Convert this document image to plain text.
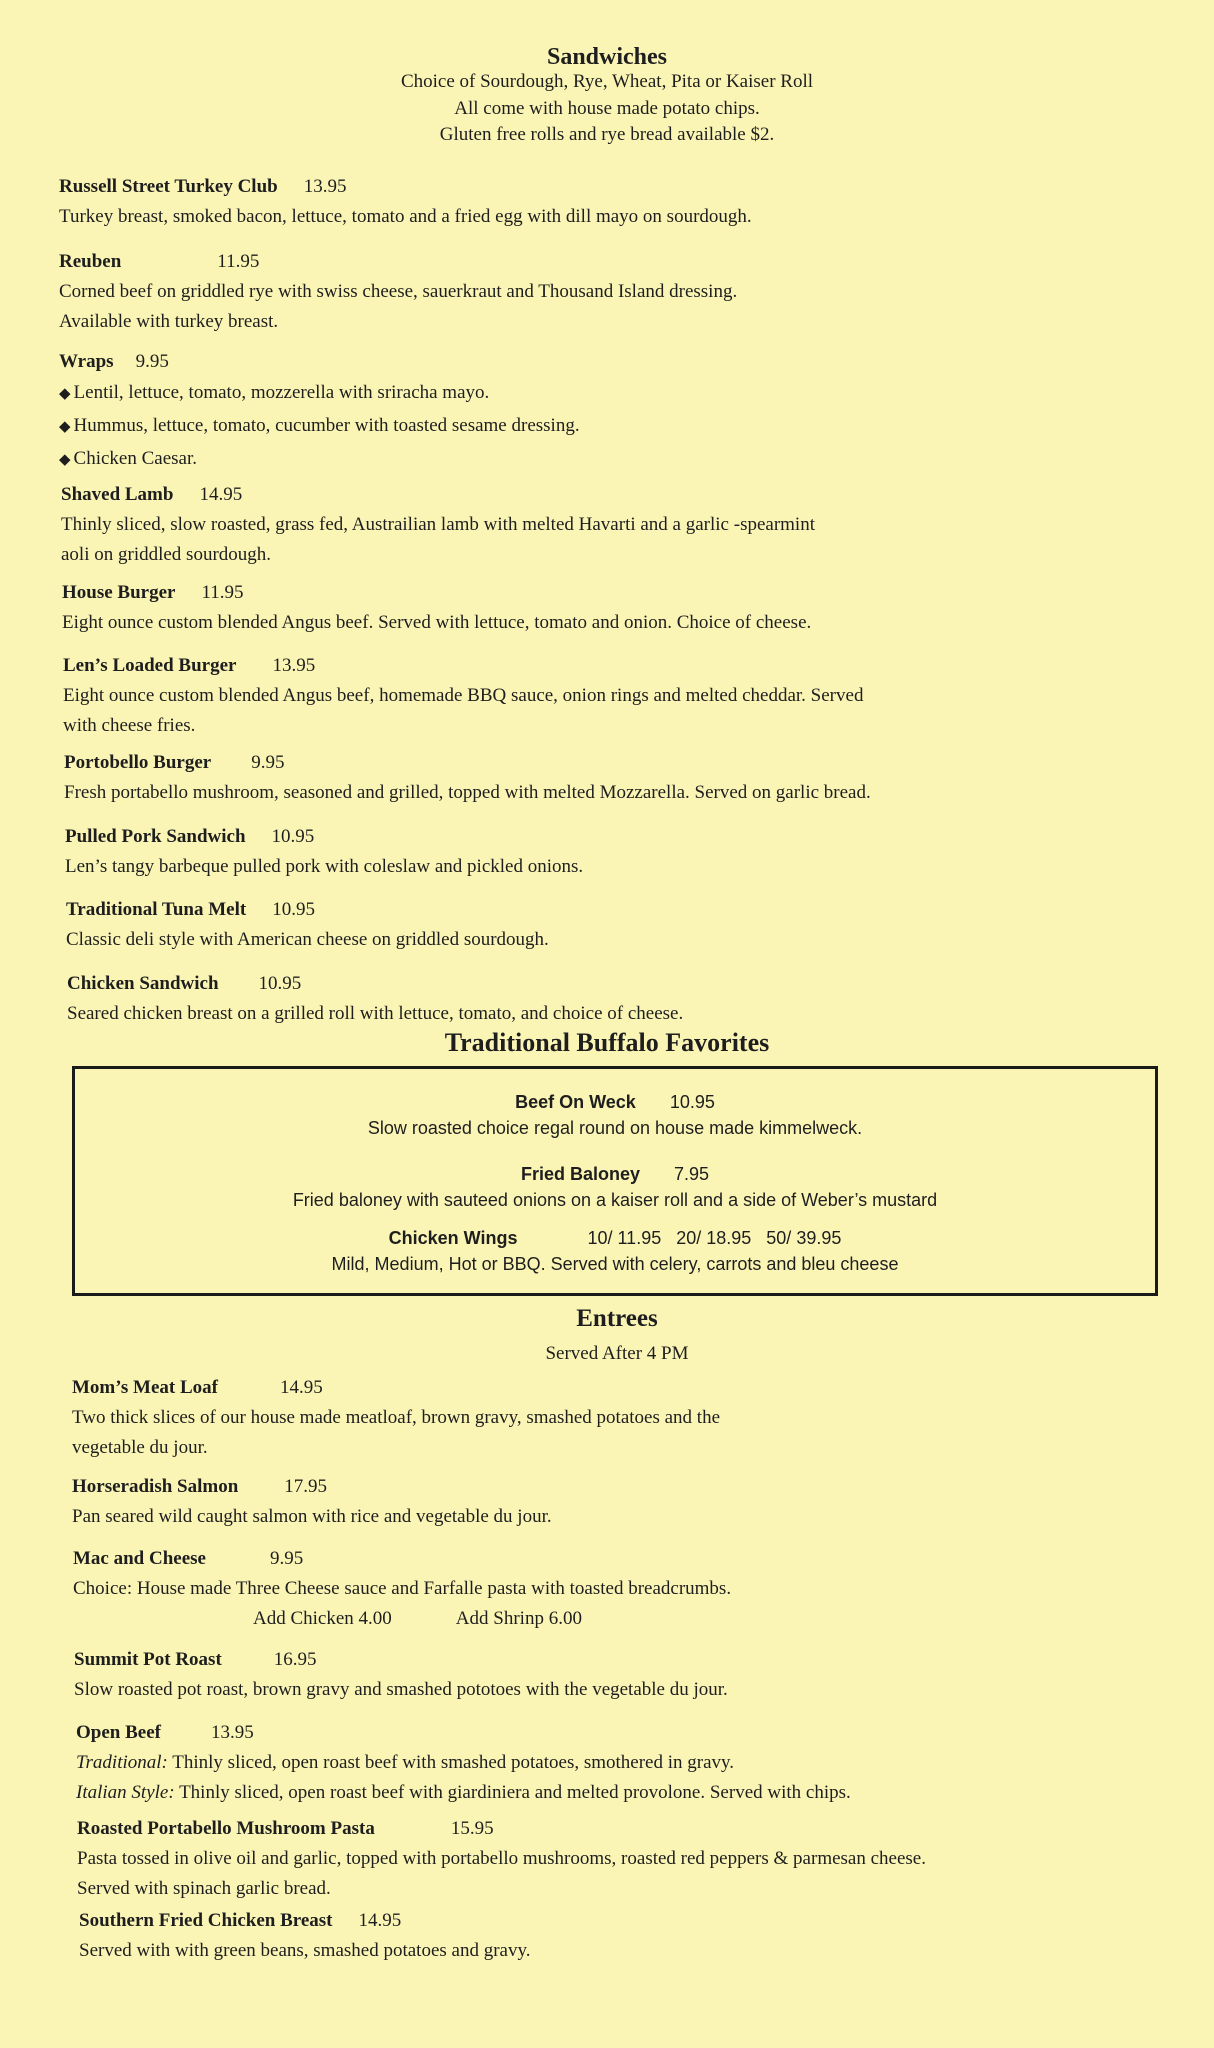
Sandwiches

Choice of Sourdough, Rye, Wheat, Pita or Kaiser Roll

All come with house made potato chips.

Gluten free rolls and rye bread available $2.

Russell Street Turkey Club 13.95

Turkey breast, smoked bacon, lettuce, tomato and a fried egg with dill mayo on sourdough.

Reuben	11.95

Corned beef on griddled rye with swiss cheese, sauerkraut and Thousand Island dressing.

Available with turkey breast.

Wraps 9.95

◆ Lentil, lettuce, tomato, mozzerella with sriracha mayo.

◆ Hummus, lettuce, tomato, cucumber with toasted sesame dressing.

◆ Chicken Caesar.

Shaved Lamb 14.95

Thinly sliced, slow roasted, grass fed, Austrailian lamb with melted Havarti and a garlic -spearmint

aoli on griddled sourdough.

House Burger 11.95

Eight ounce custom blended Angus beef. Served with lettuce, tomato and onion. Choice of cheese.

Len’s Loaded Burger 13.95

Eight ounce custom blended Angus beef, homemade BBQ sauce, onion rings and melted cheddar. Served

with cheese fries.

Portobello Burger 9.95

Fresh portabello mushroom, seasoned and grilled, topped with melted Mozzarella. Served on garlic bread.

Pulled Pork Sandwich 10.95

Len’s tangy barbeque pulled pork with coleslaw and pickled onions.

Traditional Tuna Melt 10.95

Classic deli style with American cheese on griddled sourdough.

Chicken Sandwich 10.95

Seared chicken breast on a grilled roll with lettuce, tomato, and choice of cheese.

Traditional Buffalo Favorites
Beef On Weck 10.95

Slow roasted choice regal round on house made kimmelweck.

Fried Baloney 7.95

Fried baloney with sauteed onions on a kaiser roll and a side of Weber’s mustard

Chicken Wings	10/ 11.95   20/ 18.95   50/ 39.95

Mild, Medium, Hot or BBQ. Served with celery, carrots and bleu cheese

Entrees

Served After 4 PM

Mom’s Meat Loaf	14.95

Two thick slices of our house made meatloaf, brown gravy, smashed potatoes and the

vegetable du jour.

Horseradish Salmon 17.95

Pan seared wild caught salmon with rice and vegetable du jour.

Mac and Cheese	9.95

Choice: House made Three Cheese sauce and Farfalle pasta with toasted breadcrumbs.

Add Chicken 4.00	Add Shrinp 6.00

Summit Pot Roast	16.95

Slow roasted pot roast, brown gravy and smashed pototoes with the vegetable du jour.

Open Beef	13.95

Traditional: Thinly sliced, open roast beef with smashed potatoes, smothered in gravy.

Italian Style: Thinly sliced, open roast beef with giardiniera and melted provolone. Served with chips.

Roasted Portabello Mushroom Pasta	15.95

Pasta tossed in olive oil and garlic, topped with portabello mushrooms, roasted red peppers & parmesan cheese.

Served with spinach garlic bread.

Southern Fried Chicken Breast 14.95

Served with with green beans, smashed potatoes and gravy.
